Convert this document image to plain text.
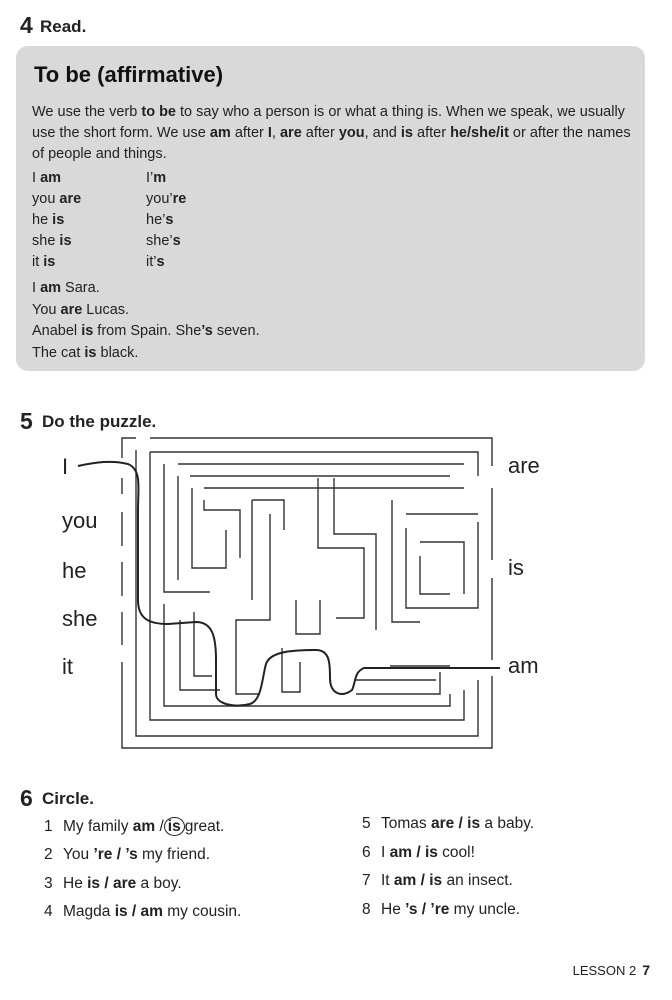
4 Read.
To be (affirmative)
We use the verb to be to say who a person is or what a thing is. When we speak, we usually use the short form. We use am after I, are after you, and is after he/she/it or after the names of people and things.
I am
you are
he is
she is
it is
I’m
you’re
he’s
she’s
it’s
I am Sara.
You are Lucas.
Anabel is from Spain. She’s seven.
The cat is black.
5 Do the puzzle.
I
you
he
she
it
are
is
am
6 Circle.
1 My family am / is great.
2 You ’re / ’s my friend.
3 He is / are a boy.
4 Magda is / am my cousin.
5 Tomas are / is a baby.
6 I am / is cool!
7 It am / is an insect.
8 He ’s / ’re my uncle.
LESSON 2 7
